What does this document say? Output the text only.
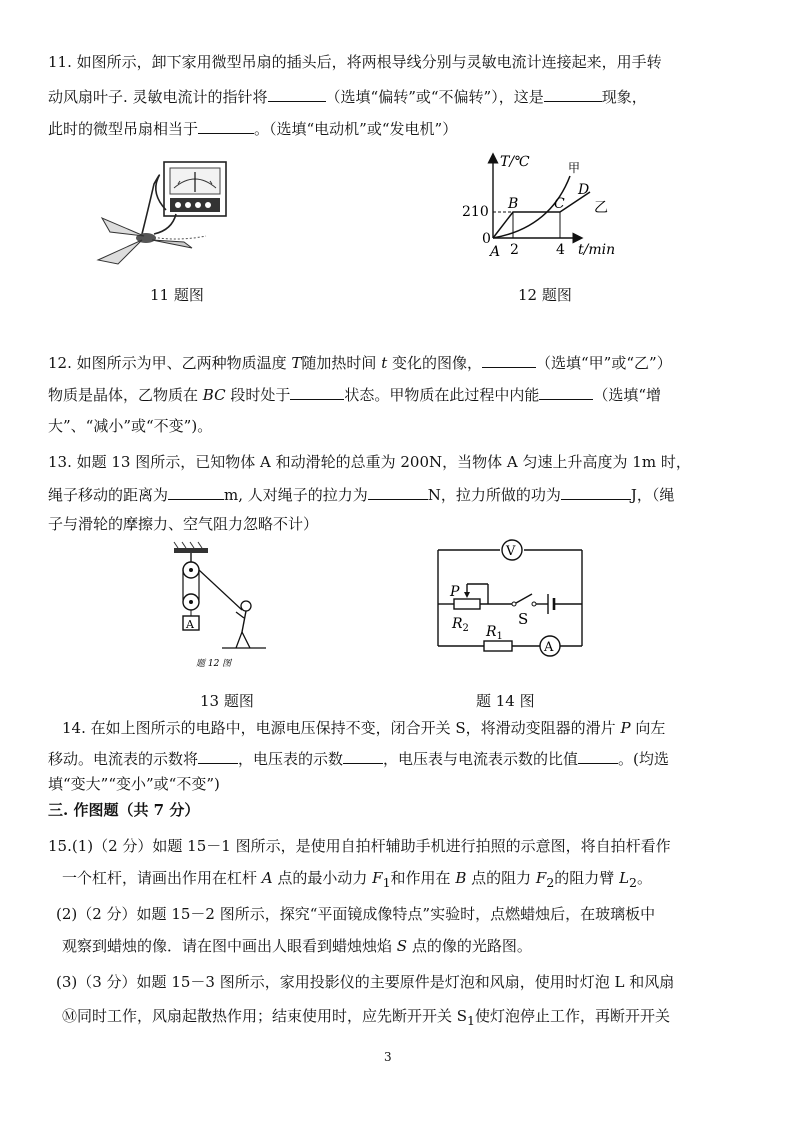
11. 如图所示，卸下家用微型吊扇的插头后，将两根导线分别与灵敏电流计连接起来，用手转
动风扇叶子. 灵敏电流计的指针将	（选填“偏转”或“不偏转”），这是	现象，
此时的微型吊扇相当于	。（选填“电动机”或“发电机”）
11 题图
T/℃
210
0
2	4 t/min
A
B	C
D
甲
乙
12 题图
12. 如图所示为甲、乙两种物质温度 T随加热时间 t 变化的图像，	（选填“甲”或“乙”）
物质是晶体，乙物质在 BC 段时处于	状态。甲物质在此过程中内能	（选填“增
大”、“减小”或“不变”)。
13. 如题 13 图所示，已知物体 A 和动滑轮的总重为 200N，当物体 A 匀速上升高度为 1m 时，
绳子移动的距离为	m, 人对绳子的拉力为	N，拉力所做的功为	J，（绳
子与滑轮的摩擦力、空气阻力忽略不计）
A
题 12 图
13 题图
V
P
S
$R_2$
A
$R_1$
题 14 图
14. 在如上图所示的电路中，电源电压保持不变，闭合开关 S，将滑动变阻器的滑片 P 向左
移动。电流表的示数将	，电压表的示数	，电压表与电流表示数的比值	。(均选
填“变大”“变小”或“不变”)
三. 作图题（共 7 分）
15.(1)（2 分）如题 15－1 图所示，是使用自拍杆辅助手机进行拍照的示意图，将自拍杆看作
一个杠杆，请画出作用在杠杆 A 点的最小动力 $F_1$和作用在 B 点的阻力 $F_2$的阻力臂 $L_2$。
(2)（2 分）如题 15－2 图所示，探究“平面镜成像特点”实验时，点燃蜡烛后，在玻璃板中
观察到蜡烛的像．请在图中画出人眼看到蜡烛烛焰 S 点的像的光路图。
(3)（3 分）如题 15－3 图所示，家用投影仪的主要原件是灯泡和风扇，使用时灯泡 L 和风扇
Ⓜ同时工作，风扇起散热作用；结束使用时，应先断开开关 $S_1$使灯泡停止工作，再断开开关
3
